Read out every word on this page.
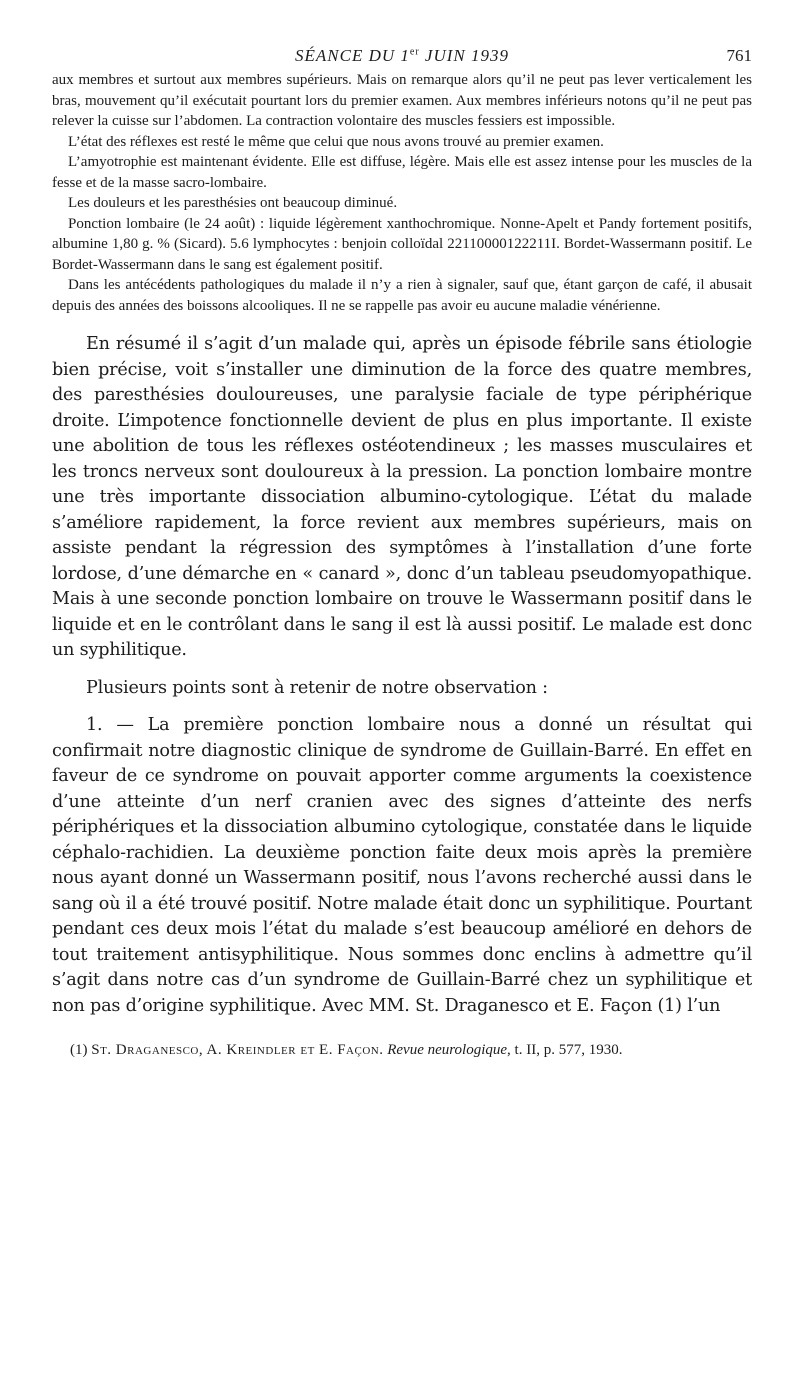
SÉANCE DU 1er JUIN 1939	761

aux membres et surtout aux membres supérieurs. Mais on remarque alors qu’il ne peut pas lever verticalement les bras, mouvement qu’il exécutait pourtant lors du premier examen. Aux membres inférieurs notons qu’il ne peut pas relever la cuisse sur l’abdomen. La contraction volontaire des muscles fessiers est impossible.

L’état des réflexes est resté le même que celui que nous avons trouvé au premier examen.

L’amyotrophie est maintenant évidente. Elle est diffuse, légère. Mais elle est assez intense pour les muscles de la fesse et de la masse sacro-lombaire.

Les douleurs et les paresthésies ont beaucoup diminué.

Ponction lombaire (le 24 août) : liquide légèrement xanthochromique. Nonne-Apelt et Pandy fortement positifs, albumine 1,80 g. % (Sicard). 5.6 lymphocytes : benjoin colloïdal 22110000122211I. Bordet-Wassermann positif. Le Bordet-Wassermann dans le sang est également positif.

Dans les antécédents pathologiques du malade il n’y a rien à signaler, sauf que, étant garçon de café, il abusait depuis des années des boissons alcooliques. Il ne se rappelle pas avoir eu aucune maladie vénérienne.

En résumé il s’agit d’un malade qui, après un épisode fébrile sans étiologie bien précise, voit s’installer une diminution de la force des quatre membres, des paresthésies douloureuses, une paralysie faciale de type périphérique droite. L’impotence fonctionnelle devient de plus en plus importante. Il existe une abolition de tous les réflexes ostéotendineux ; les masses musculaires et les troncs nerveux sont douloureux à la pression. La ponction lombaire montre une très importante dissociation albumino-cytologique. L’état du malade s’améliore rapidement, la force revient aux membres supérieurs, mais on assiste pendant la régression des symptômes à l’installation d’une forte lordose, d’une démarche en « canard », donc d’un tableau pseudomyopathique. Mais à une seconde ponction lombaire on trouve le Wassermann positif dans le liquide et en le contrôlant dans le sang il est là aussi positif. Le malade est donc un syphilitique.

Plusieurs points sont à retenir de notre observation :

1. — La première ponction lombaire nous a donné un résultat qui confirmait notre diagnostic clinique de syndrome de Guillain-Barré. En effet en faveur de ce syndrome on pouvait apporter comme arguments la coexistence d’une atteinte d’un nerf cranien avec des signes d’atteinte des nerfs périphériques et la dissociation albumino cytologique, constatée dans le liquide céphalo-rachidien. La deuxième ponction faite deux mois après la première nous ayant donné un Wassermann positif, nous l’avons recherché aussi dans le sang où il a été trouvé positif. Notre malade était donc un syphilitique. Pourtant pendant ces deux mois l’état du malade s’est beaucoup amélioré en dehors de tout traitement antisyphilitique. Nous sommes donc enclins à admettre qu’il s’agit dans notre cas d’un syndrome de Guillain-Barré chez un syphilitique et non pas d’origine syphilitique. Avec MM. St. Draganesco et E. Façon (1) l’un

(1) St. Draganesco, A. Kreindler et E. Façon. Revue neurologique, t. II, p. 577, 1930.
